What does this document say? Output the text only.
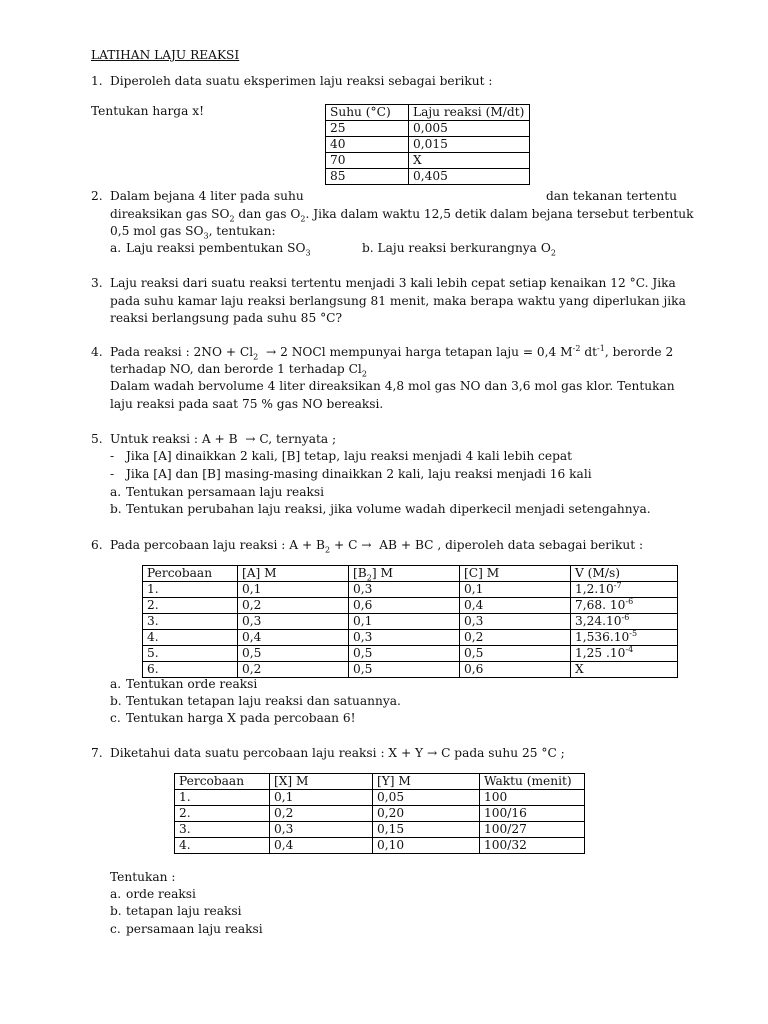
LATIHAN LAJU REAKSI
1. Diperoleh data suatu eksperimen laju reaksi sebagai berikut :
Tentukan harga x!	Suhu (°C)	Laju reaksi (M/dt)
25	0,005
40	0,015
70	X
85	0,405
2. Dalam bejana 4 liter pada suhu	dan tekanan tertentu
direaksikan gas $SO_2$ dan gas $O_2$. Jika dalam waktu 12,5 detik dalam bejana tersebut terbentuk
0,5 mol gas $SO_3$, tentukan:
a. Laju reaksi pembentukan $SO_3$	b. Laju reaksi berkurangnya $O_2$
3. Laju reaksi dari suatu reaksi tertentu menjadi 3 kali lebih cepat setiap kenaikan 12 °C. Jika
pada suhu kamar laju reaksi berlangsung 81 menit, maka berapa waktu yang diperlukan jika
reaksi berlangsung pada suhu 85 °C?
4. Pada reaksi : $2NO + Cl_2 \to 2$ NOCl mempunyai harga tetapan laju = 0,4 $M^{-2}$ $dt^{-1}$, berorde 2
terhadap NO, dan berorde 1 terhadap $Cl_2$
Dalam wadah bervolume 4 liter direaksikan 4,8 mol gas NO dan 3,6 mol gas klor. Tentukan
laju reaksi pada saat 75 % gas NO bereaksi.
5. Untuk reaksi : A + B → C, ternyata ;
- Jika [A] dinaikkan 2 kali, [B] tetap, laju reaksi menjadi 4 kali lebih cepat
- Jika [A] dan [B] masing-masing dinaikkan 2 kali, laju reaksi menjadi 16 kali
a. Tentukan persamaan laju reaksi
b. Tentukan perubahan laju reaksi, jika volume wadah diperkecil menjadi setengahnya.
6. Pada percobaan laju reaksi : $A + B_2 + C$ → AB + BC , diperoleh data sebagai berikut :
Percobaan	[A] M	$[B_2]$ M	[C] M	V (M/s)
1.	0,1	0,3	0,1	$1,2.10^{-7}$
2.	0,2	0,6	0,4	7,68. $10^{-6}$
3.	0,3	0,1	0,3	$3,24.10^{-6}$
4.	0,4	0,3	0,2	$1,536.10^{-5}$
5.	0,5	0,5	0,5	1,25 $.10^{-4}$
6.	0,2	0,5	0,6	X
a. Tentukan orde reaksi
b. Tentukan tetapan laju reaksi dan satuannya.
c. Tentukan harga X pada percobaan 6!
7. Diketahui data suatu percobaan laju reaksi : X + Y → C pada suhu 25 °C ;
Percobaan	[X] M	[Y] M	Waktu (menit)
1.	0,1	0,05	100
2.	0,2	0,20	100/16
3.	0,3	0,15	100/27
4.	0,4	0,10	100/32
Tentukan :
a. orde reaksi
b. tetapan laju reaksi
c. persamaan laju reaksi
